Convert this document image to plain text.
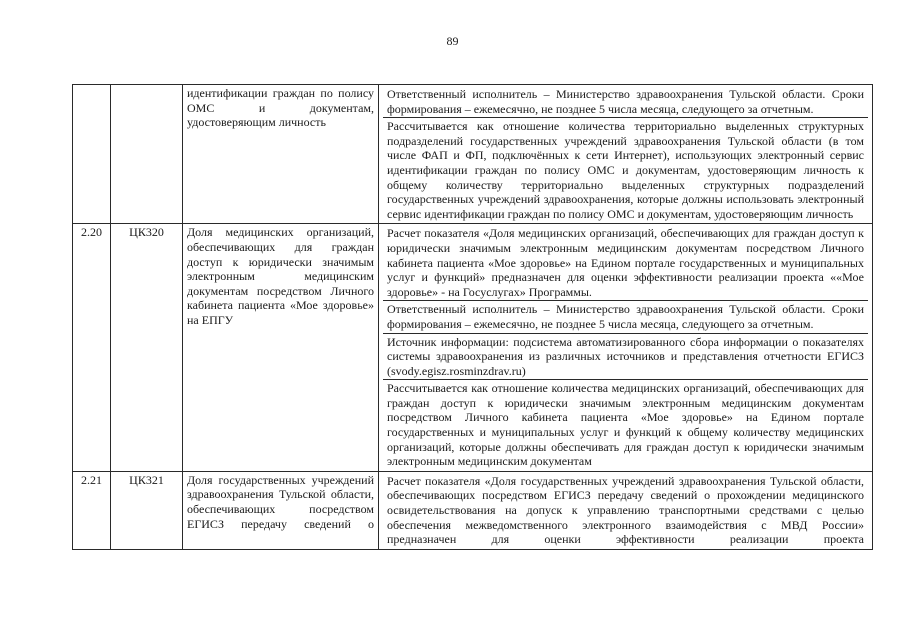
89
		идентификации граждан по полису ОМС и документам, удостоверяющим личность	Ответственный исполнитель – Министерство здравоохранения Тульской области. Сроки формирования – ежемесячно, не позднее 5 числа месяца, следующего за отчетным.
Рассчитывается как отношение количества территориально выделенных структурных подразделений государственных учреждений здравоохранения Тульской области (в том числе ФАП и ФП, подключённых к сети Интернет), использующих электронный сервис идентификации граждан по полису ОМС и документам, удостоверяющим личность к общему количеству территориально выделенных структурных подразделений государственных учреждений здравоохранения, которые должны использовать электронный сервис идентификации граждан по полису ОМС и документам, удостоверяющим личность

2.20	ЦК320	Доля медицинских организаций, обеспечивающих для граждан доступ к юридически значимым электронным медицинским документам посредством Личного кабинета пациента «Мое здоровье» на ЕПГУ	Расчет показателя «Доля медицинских организаций, обеспечивающих для граждан доступ к юридически значимым электронным медицинским документам посредством Личного кабинета пациента «Мое здоровье» на Едином портале государственных и муниципальных услуг и функций» предназначен для оценки эффективности реализации проекта ««Мое здоровье» - на Госуслугах» Программы.
Ответственный исполнитель – Министерство здравоохранения Тульской области. Сроки формирования – ежемесячно, не позднее 5 числа месяца, следующего за отчетным.
Источник информации: подсистема автоматизированного сбора информации о показателях системы здравоохранения из различных источников и представления отчетности ЕГИСЗ (svody.egisz.rosminzdrav.ru)
Рассчитывается как отношение количества медицинских организаций, обеспечивающих для граждан доступ к юридически значимым электронным медицинским документам посредством Личного кабинета пациента «Мое здоровье» на Едином портале государственных и муниципальных услуг и функций к общему количеству медицинских организаций, которые должны обеспечивать для граждан доступ к юридически значимым электронным медицинским документам

2.21	ЦК321	Доля государственных учреждений здравоохранения Тульской области, обеспечивающих посредством ЕГИСЗ передачу сведений о	Расчет показателя «Доля государственных учреждений здравоохранения Тульской области, обеспечивающих посредством ЕГИСЗ передачу сведений о прохождении медицинского освидетельствования на допуск к управлению транспортными средствами с целью обеспечения межведомственного электронного взаимодействия с МВД России» предназначен для оценки эффективности реализации проекта
